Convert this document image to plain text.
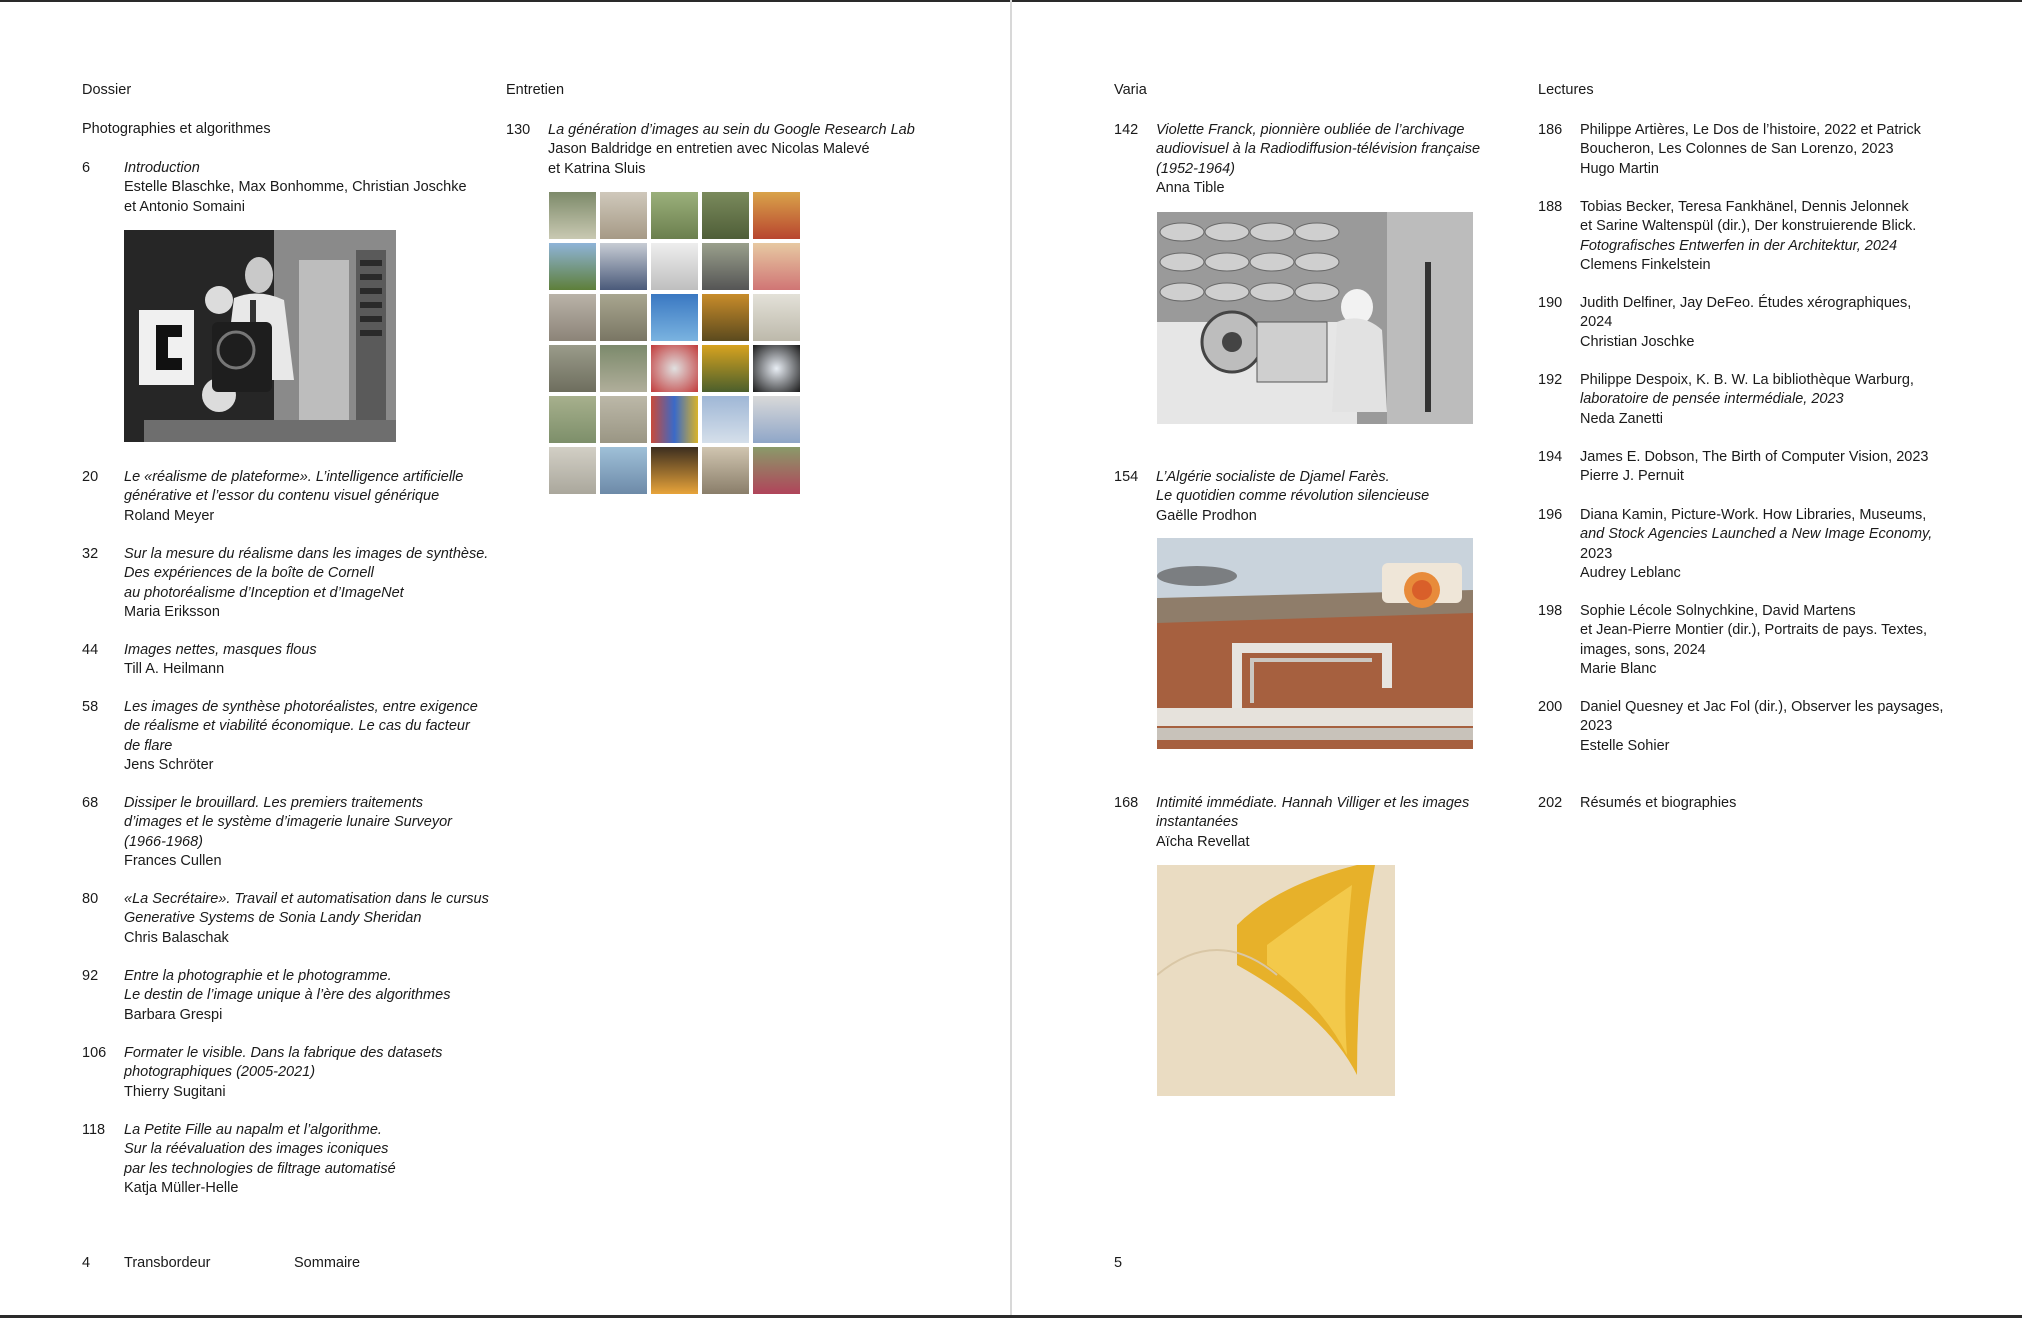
Dossier	Entretien
Photographies et algorithmes
6	Introduction
Estelle Blaschke, Max Bonhomme, Christian Joschke
et Antonio Somaini
20	Le «réalisme de plateforme». L’intelligence artificielle
générative et l’essor du contenu visuel générique
Roland Meyer
32	Sur la mesure du réalisme dans les images de synthèse.
Des expériences de la boîte de Cornell
au photoréalisme d’Inception et d’ImageNet
Maria Eriksson
44	Images nettes, masques flous
Till A. Heilmann
58	Les images de synthèse photoréalistes, entre exigence
de réalisme et viabilité économique. Le cas du facteur
de flare
Jens Schröter
68	Dissiper le brouillard. Les premiers traitements
d’images et le système d’imagerie lunaire Surveyor
(1966-1968)
Frances Cullen
80	«La Secrétaire». Travail et automatisation dans le cursus
Generative Systems de Sonia Landy Sheridan
Chris Balaschak
92	Entre la photographie et le photogramme.
Le destin de l’image unique à l’ère des algorithmes
Barbara Grespi
106	Formater le visible. Dans la fabrique des datasets
photographiques (2005-2021)
Thierry Sugitani
118	La Petite Fille au napalm et l’algorithme.
Sur la réévaluation des images iconiques
par les technologies de filtrage automatisé
Katja Müller-Helle
130	La génération d’images au sein du Google Research Lab
Jason Baldridge en entretien avec Nicolas Malevé
et Katrina Sluis
4 Transbordeur	Sommaire
Varia	Lectures
142	Violette Franck, pionnière oubliée de l’archivage
audiovisuel à la Radiodiffusion-télévision française
(1952-1964)
Anna Tible
154	L’Algérie socialiste de Djamel Farès.
Le quotidien comme révolution silencieuse
Gaëlle Prodhon
168	Intimité immédiate. Hannah Villiger et les images
instantanées
Aïcha Revellat
186	Philippe Artières, Le Dos de l’histoire, 2022 et Patrick
Boucheron, Les Colonnes de San Lorenzo, 2023
Hugo Martin
188	Tobias Becker, Teresa Fankhänel, Dennis Jelonnek
et Sarine Waltenspül (dir.), Der konstruierende Blick.
Fotografisches Entwerfen in der Architektur, 2024
Clemens Finkelstein
190	Judith Delfiner, Jay DeFeo. Études xérographiques,
2024
Christian Joschke
192	Philippe Despoix, K. B. W. La bibliothèque Warburg,
laboratoire de pensée intermédiale, 2023
Neda Zanetti
194	James E. Dobson, The Birth of Computer Vision, 2023
Pierre J. Pernuit
196	Diana Kamin, Picture-Work. How Libraries, Museums,
and Stock Agencies Launched a New Image Economy,
2023
Audrey Leblanc
198	Sophie Lécole Solnychkine, David Martens
et Jean-Pierre Montier (dir.), Portraits de pays. Textes,
images, sons, 2024
Marie Blanc
200	Daniel Quesney et Jac Fol (dir.), Observer les paysages,
2023
Estelle Sohier
202	Résumés et biographies
5
